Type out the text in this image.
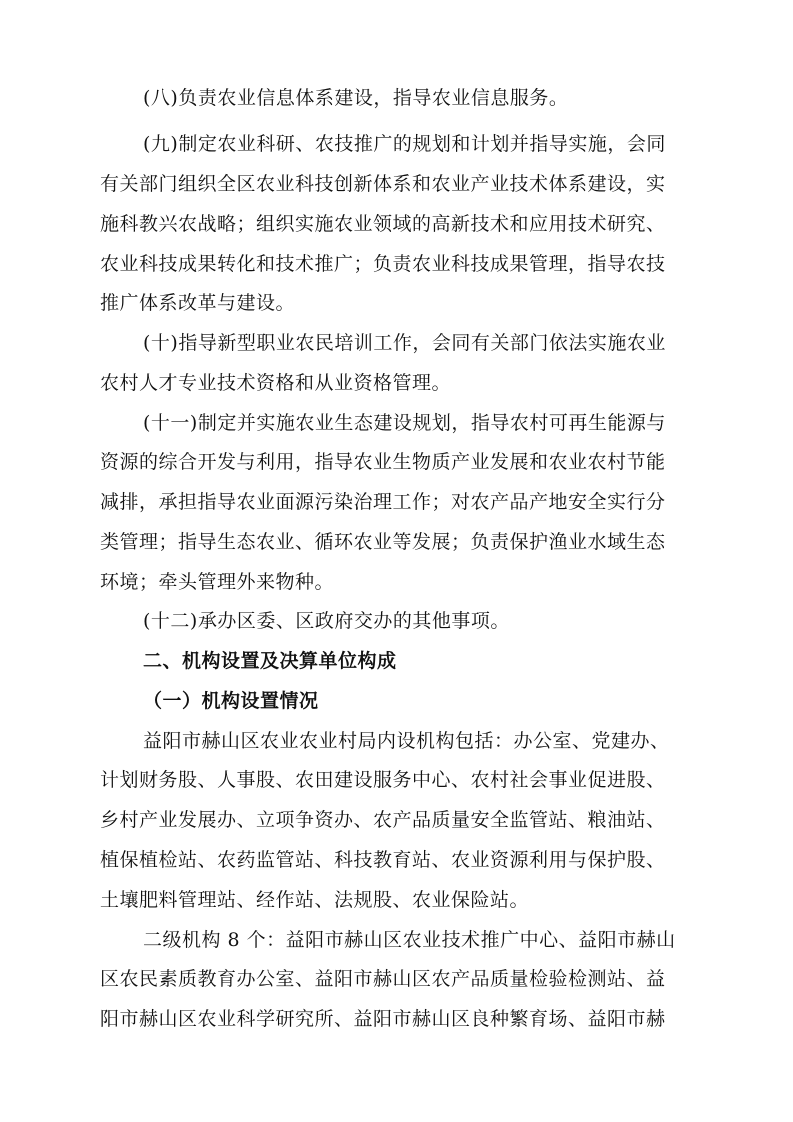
(八)负责农业信息体系建设，指导农业信息服务。
(九)制定农业科研、农技推广的规划和计划并指导实施，会同
有关部门组织全区农业科技创新体系和农业产业技术体系建设，实
施科教兴农战略；组织实施农业领域的高新技术和应用技术研究、
农业科技成果转化和技术推广；负责农业科技成果管理，指导农技
推广体系改革与建设。
(十)指导新型职业农民培训工作，会同有关部门依法实施农业
农村人才专业技术资格和从业资格管理。
(十一)制定并实施农业生态建设规划，指导农村可再生能源与
资源的综合开发与利用，指导农业生物质产业发展和农业农村节能
减排，承担指导农业面源污染治理工作；对农产品产地安全实行分
类管理；指导生态农业、循环农业等发展；负责保护渔业水域生态
环境；牵头管理外来物种。
(十二)承办区委、区政府交办的其他事项。
二、机构设置及决算单位构成
（一）机构设置情况
益阳市赫山区农业农业村局内设机构包括：办公室、党建办、
计划财务股、人事股、农田建设服务中心、农村社会事业促进股、
乡村产业发展办、立项争资办、农产品质量安全监管站、粮油站、
植保植检站、农药监管站、科技教育站、农业资源利用与保护股、
土壤肥料管理站、经作站、法规股、农业保险站。
二级机构 8 个：益阳市赫山区农业技术推广中心、益阳市赫山
区农民素质教育办公室、益阳市赫山区农产品质量检验检测站、益
阳市赫山区农业科学研究所、益阳市赫山区良种繁育场、益阳市赫
